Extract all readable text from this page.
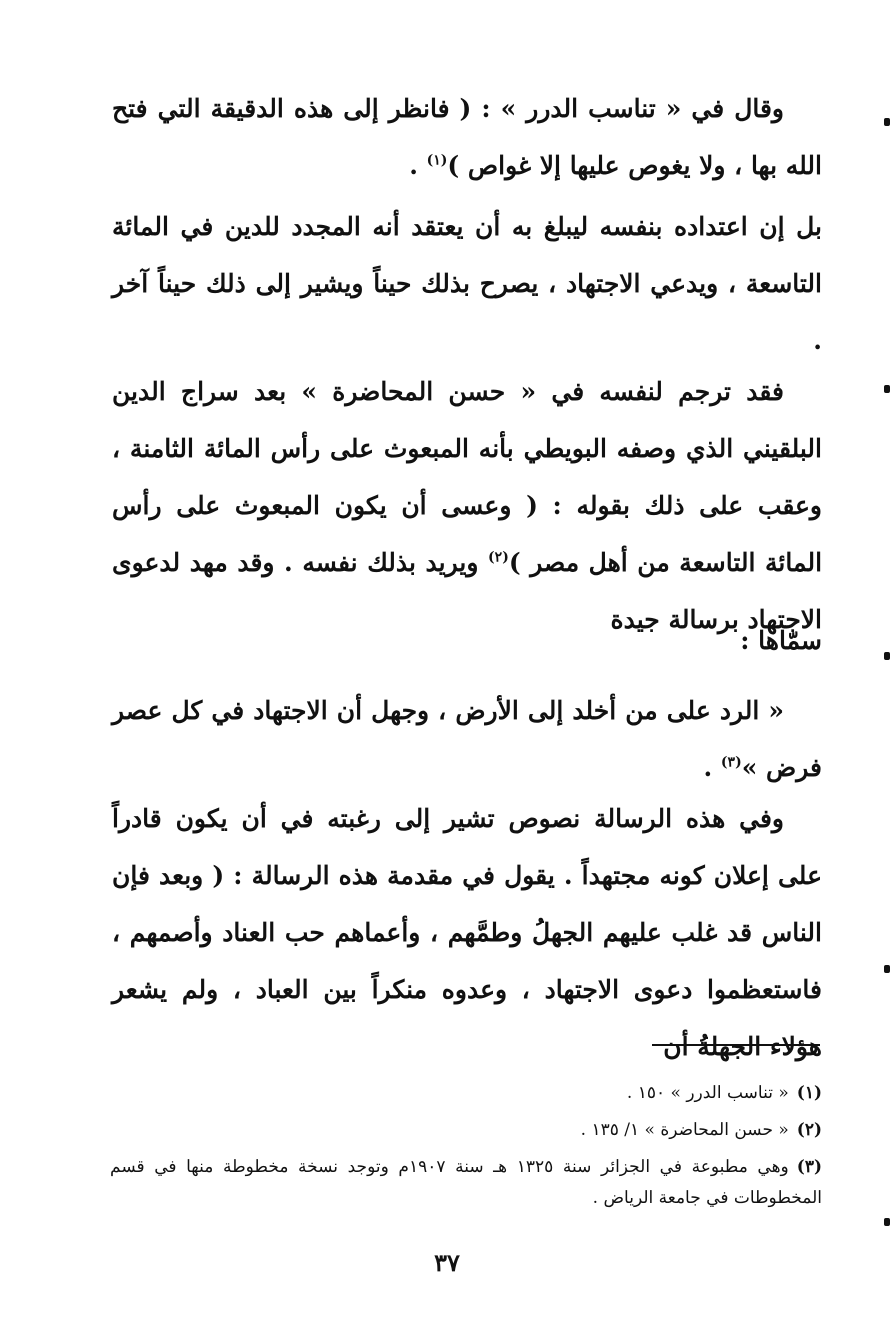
وقال في « تناسب الدرر » : ( فانظر إلى هذه الدقيقة التي فتح الله بها ، ولا يغوص عليها إلا غواص )$^{(١)}$ .

بل إن اعتداده بنفسه ليبلغ به أن يعتقد أنه المجدد للدين في المائة التاسعة ، ويدعي الاجتهاد ، يصرح بذلك حيناً ويشير إلى ذلك حيناً آخر .

فقد ترجم لنفسه في « حسن المحاضرة » بعد سراج الدين البلقيني الذي وصفه البويطي بأنه المبعوث على رأس المائة الثامنة ، وعقب على ذلك بقوله : ( وعسى أن يكون المبعوث على رأس المائة التاسعة من أهل مصر )$^{(٢)}$ ويريد بذلك نفسه . وقد مهد لدعوى الاجتهاد برسالة جيدة

سمّاها :

« الرد على من أخلد إلى الأرض ، وجهل أن الاجتهاد في كل عصر فرض »$^{(٣)}$ .

وفي هذه الرسالة نصوص تشير إلى رغبته في أن يكون قادراً على إعلان كونه مجتهداً . يقول في مقدمة هذه الرسالة : ( وبعد فإن الناس قد غلب عليهم الجهلُ وطمَّهم ، وأعماهم حب العناد وأصمهم ، فاستعظموا دعوى الاجتهاد ، وعدوه منكراً بين العباد ، ولم يشعر هؤلاء الجهلةُ أن

(١)« تناسب الدرر » ١٥٠ .
(٢)« حسن المحاضرة » ١/ ١٣٥ .
(٣)وهي مطبوعة في الجزائر سنة ١٣٢٥ هـ سنة ١٩٠٧م وتوجد نسخة مخطوطة منها في قسم المخطوطات في جامعة الرياض .
٣٧
